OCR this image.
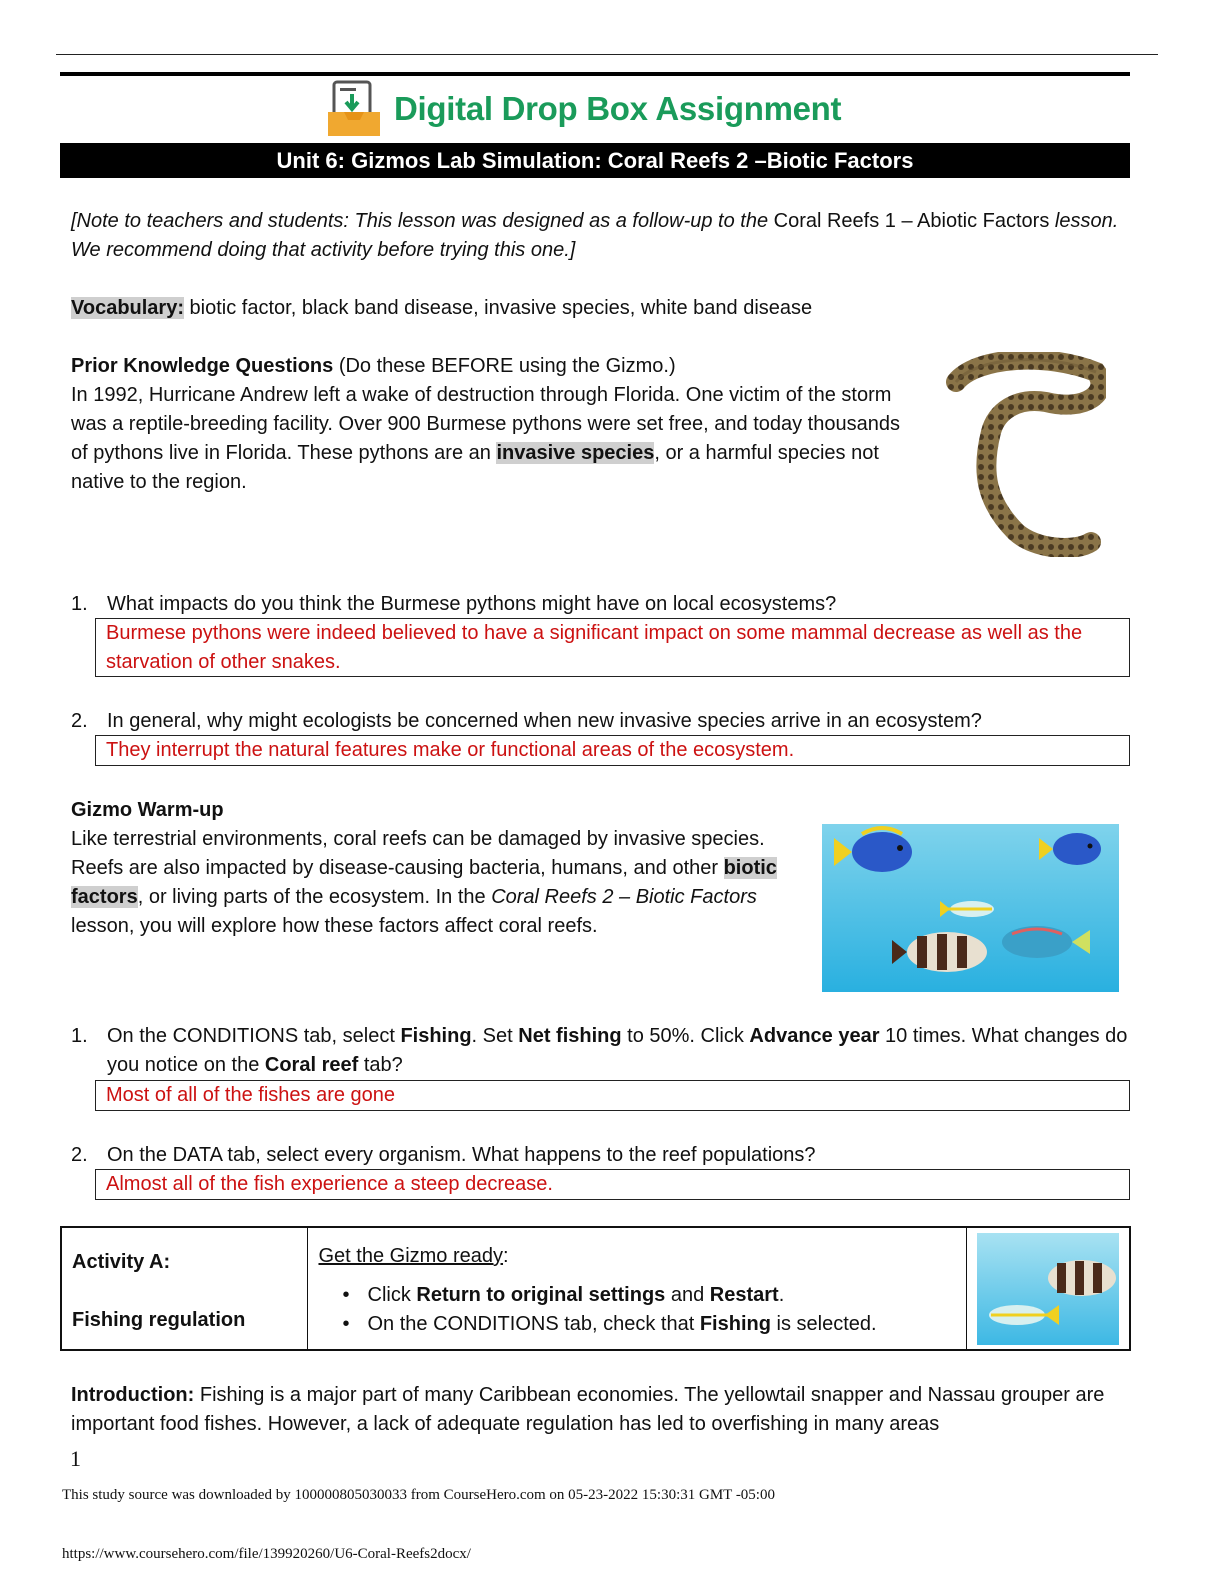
Digital Drop Box Assignment
Unit 6: Gizmos Lab Simulation: Coral Reefs 2 –Biotic Factors
[Note to teachers and students: This lesson was designed as a follow-up to the Coral Reefs 1 – Abiotic Factors lesson. We recommend doing that activity before trying this one.]
Vocabulary: biotic factor, black band disease, invasive species, white band disease
Prior Knowledge Questions (Do these BEFORE using the Gizmo.)
In 1992, Hurricane Andrew left a wake of destruction through Florida. One victim of the storm was a reptile-breeding facility. Over 900 Burmese pythons were set free, and today thousands of pythons live in Florida. These pythons are an invasive species, or a harmful species not native to the region.
1. What impacts do you think the Burmese pythons might have on local ecosystems?
Burmese pythons were indeed believed to have a significant impact on some mammal decrease as well as the starvation of other snakes.
2. In general, why might ecologists be concerned when new invasive species arrive in an ecosystem?
They interrupt the natural features make or functional areas of the ecosystem.
Gizmo Warm-up
Like terrestrial environments, coral reefs can be damaged by invasive species. Reefs are also impacted by disease-causing bacteria, humans, and other biotic factors, or living parts of the ecosystem. In the Coral Reefs 2 – Biotic Factors lesson, you will explore how these factors affect coral reefs.
1. On the CONDITIONS tab, select Fishing. Set Net fishing to 50%. Click Advance year 10 times. What changes do you notice on the Coral reef tab?
Most of all of the fishes are gone
2. On the DATA tab, select every organism. What happens to the reef populations?
Almost all of the fish experience a steep decrease.
Activity A:
Fishing regulation
Get the Gizmo ready:
• Click Return to original settings and Restart.
• On the CONDITIONS tab, check that Fishing is selected.
Introduction: Fishing is a major part of many Caribbean economies. The yellowtail snapper and Nassau grouper are important food fishes. However, a lack of adequate regulation has led to overfishing in many areas
1
This study source was downloaded by 100000805030033 from CourseHero.com on 05-23-2022 15:30:31 GMT -05:00
https://www.coursehero.com/file/139920260/U6-Coral-Reefs2docx/
